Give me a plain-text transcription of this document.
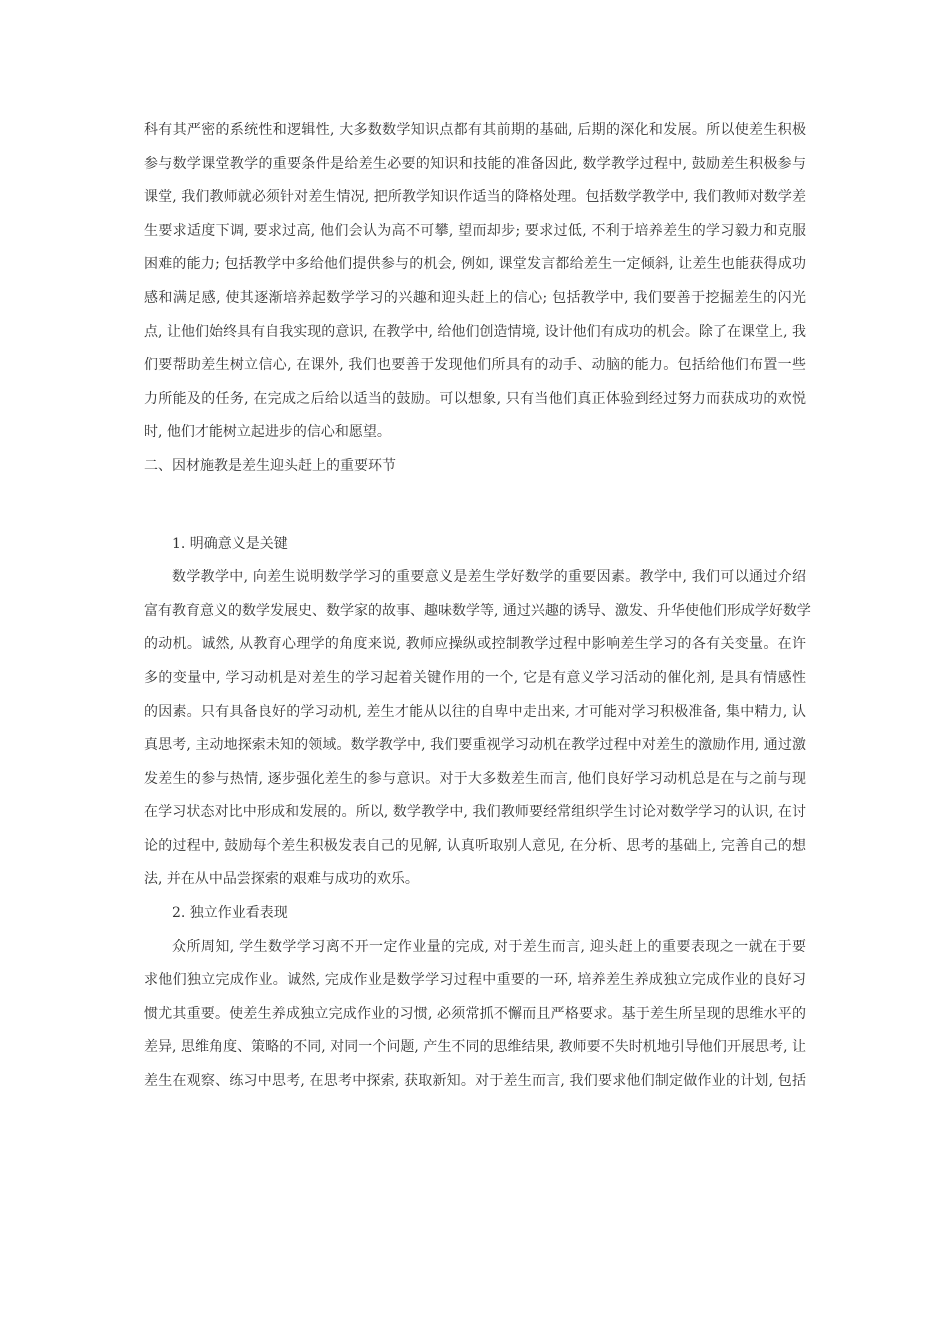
科有其严密的系统性和逻辑性, 大多数数学知识点都有其前期的基础, 后期的深化和发展。所以使差生积极
参与数学课堂教学的重要条件是给差生必要的知识和技能的准备因此, 数学教学过程中, 鼓励差生积极参与
课堂, 我们教师就必须针对差生情况, 把所教学知识作适当的降格处理。包括数学教学中, 我们教师对数学差
生要求适度下调, 要求过高, 他们会认为高不可攀, 望而却步; 要求过低, 不利于培养差生的学习毅力和克服
困难的能力; 包括教学中多给他们提供参与的机会, 例如, 课堂发言都给差生一定倾斜, 让差生也能获得成功
感和满足感, 使其逐渐培养起数学学习的兴趣和迎头赶上的信心; 包括教学中, 我们要善于挖掘差生的闪光
点, 让他们始终具有自我实现的意识, 在教学中, 给他们创造情境, 设计他们有成功的机会。除了在课堂上, 我
们要帮助差生树立信心, 在课外, 我们也要善于发现他们所具有的动手、动脑的能力。包括给他们布置一些
力所能及的任务, 在完成之后给以适当的鼓励。可以想象, 只有当他们真正体验到经过努力而获成功的欢悦
时, 他们才能树立起进步的信心和愿望。

二、因材施教是差生迎头赶上的重要环节

1. 明确意义是关键

数学教学中, 向差生说明数学学习的重要意义是差生学好数学的重要因素。教学中, 我们可以通过介绍
富有教育意义的数学发展史、数学家的故事、趣味数学等, 通过兴趣的诱导、激发、升华使他们形成学好数学
的动机。诚然, 从教育心理学的角度来说, 教师应操纵或控制教学过程中影响差生学习的各有关变量。在许
多的变量中, 学习动机是对差生的学习起着关键作用的一个, 它是有意义学习活动的催化剂, 是具有情感性
的因素。只有具备良好的学习动机, 差生才能从以往的自卑中走出来, 才可能对学习积极准备, 集中精力, 认
真思考, 主动地探索未知的领域。数学教学中, 我们要重视学习动机在教学过程中对差生的激励作用, 通过激
发差生的参与热情, 逐步强化差生的参与意识。对于大多数差生而言, 他们良好学习动机总是在与之前与现
在学习状态对比中形成和发展的。所以, 数学教学中, 我们教师要经常组织学生讨论对数学学习的认识, 在讨
论的过程中, 鼓励每个差生积极发表自己的见解, 认真听取别人意见, 在分析、思考的基础上, 完善自己的想
法, 并在从中品尝探索的艰难与成功的欢乐。

2. 独立作业看表现

众所周知, 学生数学学习离不开一定作业量的完成, 对于差生而言, 迎头赶上的重要表现之一就在于要
求他们独立完成作业。诚然, 完成作业是数学学习过程中重要的一环, 培养差生养成独立完成作业的良好习
惯尤其重要。使差生养成独立完成作业的习惯, 必须常抓不懈而且严格要求。基于差生所呈现的思维水平的
差异, 思维角度、策略的不同, 对同一个问题, 产生不同的思维结果, 教师要不失时机地引导他们开展思考, 让
差生在观察、练习中思考, 在思考中探索, 获取新知。对于差生而言, 我们要求他们制定做作业的计划, 包括
